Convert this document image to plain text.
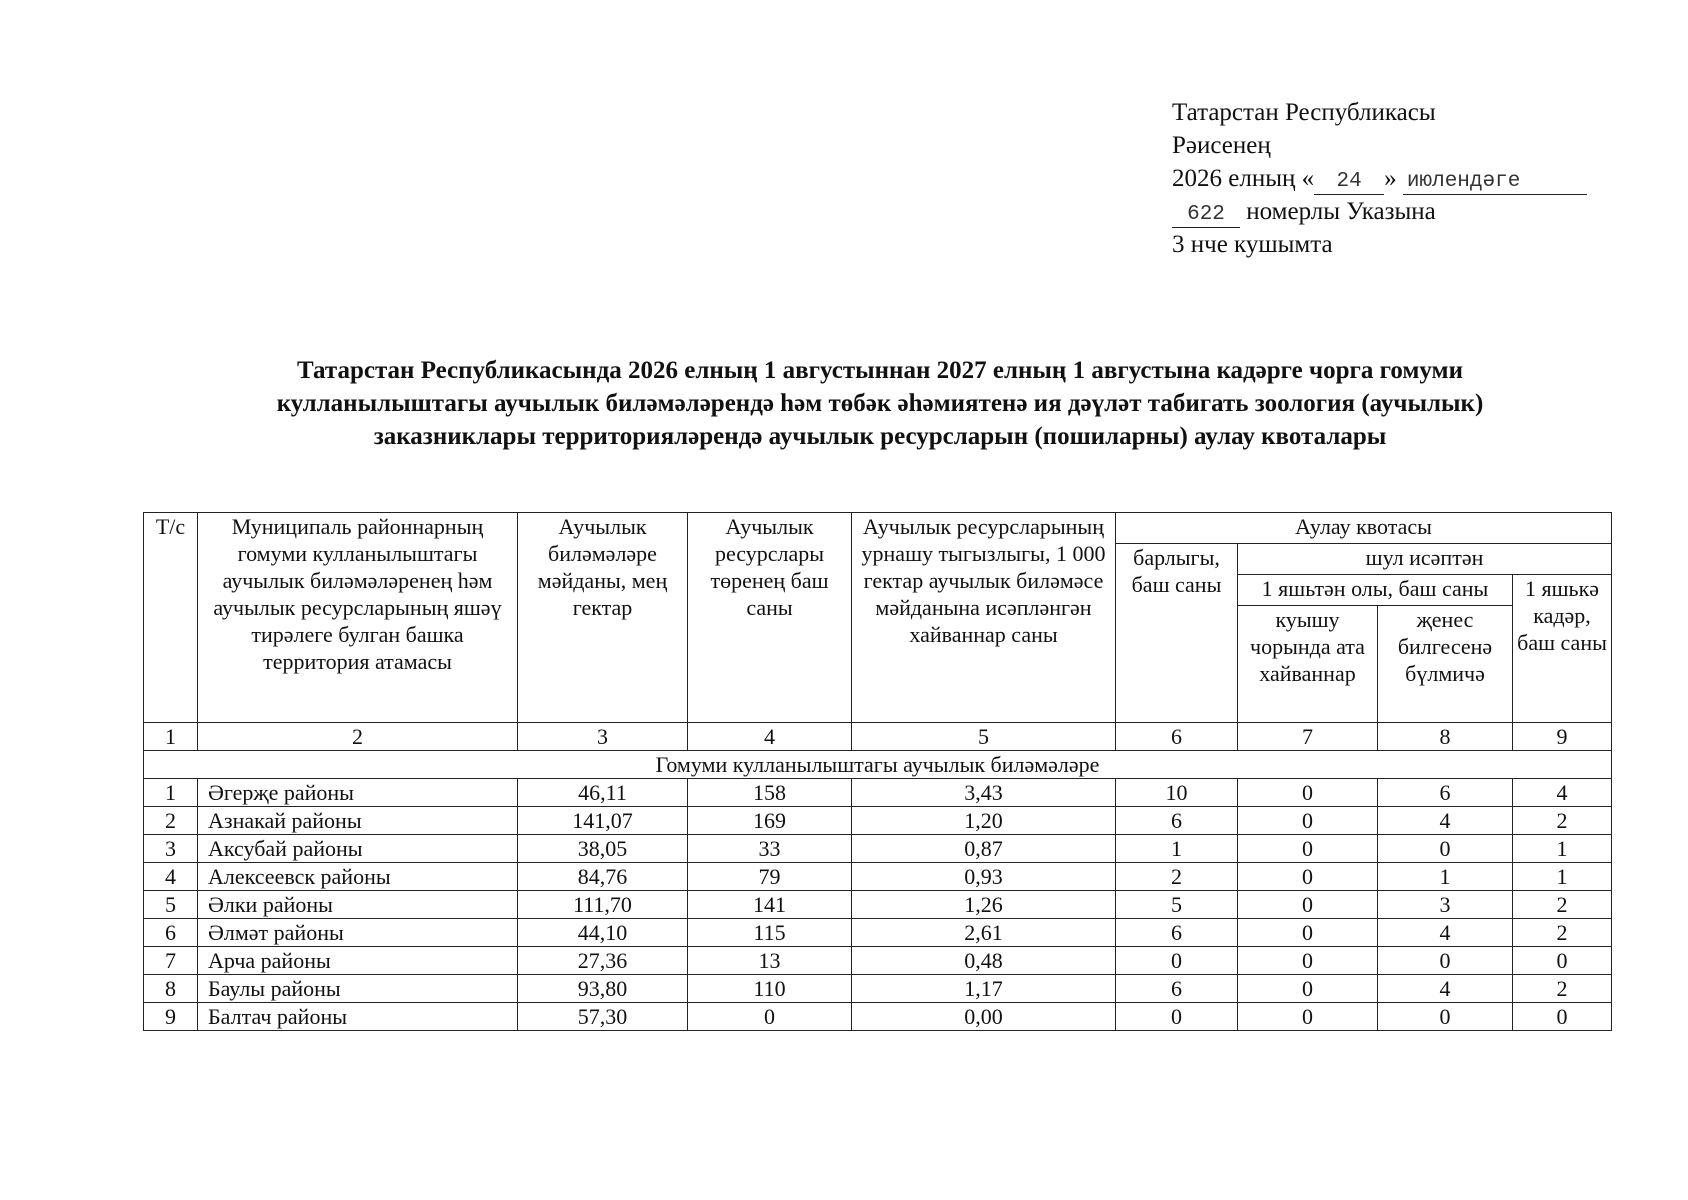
Татарстан Республикасы
Рәисенең
2026 елның « 24 » июлендәге
622 номерлы Указына
3 нче кушымта
Татарстан Республикасында 2026 елның 1 августыннан 2027 елның 1 августына кадәрге чорга гомуми
кулланылыштагы аучылык биләмәләрендә һәм төбәк әһәмиятенә ия дәүләт табигать зоология (аучылык)
заказниклары территорияләрендә аучылык ресурсларын (пошиларны) аулау квоталары
Т/с	Муниципаль районнарның гомуми кулланылыштагы аучылык биләмәләренең һәм аучылык ресурсларының яшәү тирәлеге булган башка территория атамасы	Аучылык биләмәләре мәйданы, мең гектар	Аучылык ресурслары төренең баш саны	Аучылык ресурсларының урнашу тыгызлыгы, 1 000 гектар аучылык биләмәсе мәйданына исәпләнгән хайваннар саны	Аулау квотасы			
					барлыгы, баш саны	шул исәптән		
						1 яшьтән олы, баш саны		1 яшькә кадәр, баш саны
						куышу чорында ата хайваннар	җенес билгесенә бүлмичә	
1	2	3	4	5	6	7	8	9
Гомуми кулланылыштагы аучылык биләмәләре								
1	Әгерҗе районы	46,11	158	3,43	10	0	6	4
2	Азнакай районы	141,07	169	1,20	6	0	4	2
3	Аксубай районы	38,05	33	0,87	1	0	0	1
4	Алексеевск районы	84,76	79	0,93	2	0	1	1
5	Әлки районы	111,70	141	1,26	5	0	3	2
6	Әлмәт районы	44,10	115	2,61	6	0	4	2
7	Арча районы	27,36	13	0,48	0	0	0	0
8	Баулы районы	93,80	110	1,17	6	0	4	2
9	Балтач районы	57,30	0	0,00	0	0	0	0
